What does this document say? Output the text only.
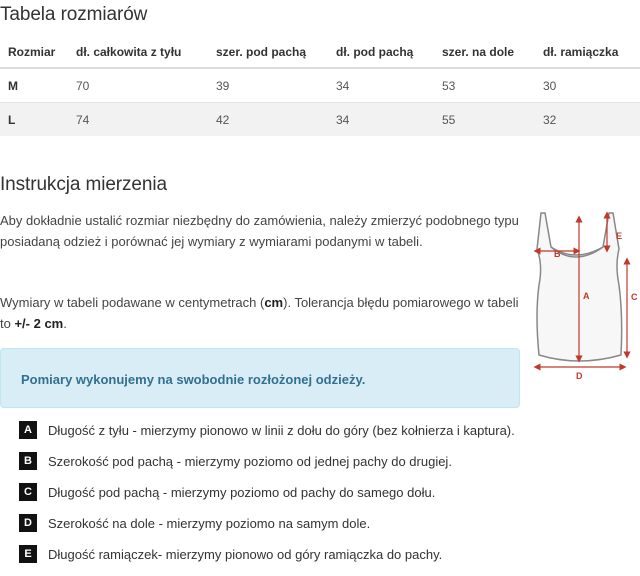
Tabela rozmiarów
Rozmiar	dł. całkowita z tyłu	szer. pod pachą	dł. pod pachą	szer. na dole	dł. ramiączka
M	70	39	34	53	30
L	74	42	34	55	32
Instrukcja mierzenia

Aby dokładnie ustalić rozmiar niezbędny do zamówienia, należy zmierzyć podobnego typu posiadaną odzież i porównać jej wymiary z wymiarami podanymi w tabeli.

Wymiary w tabeli podawane w centymetrach (cm). Tolerancja błędu pomiarowego w tabeli to +/- 2 cm.

Pomiary wykonujemy na swobodnie rozłożonej odzieży.
A	Długość z tyłu - mierzymy pionowo w linii z dołu do góry (bez kołnierza i kaptura).
B	Szerokość pod pachą - mierzymy poziomo od jednej pachy do drugiej.
C	Długość pod pachą - mierzymy poziomo od pachy do samego dołu.
D	Szerokość na dole - mierzymy poziomo na samym dole.
E	Długość ramiączek- mierzymy pionowo od góry ramiączka do pachy.
A
B
C
D
E
